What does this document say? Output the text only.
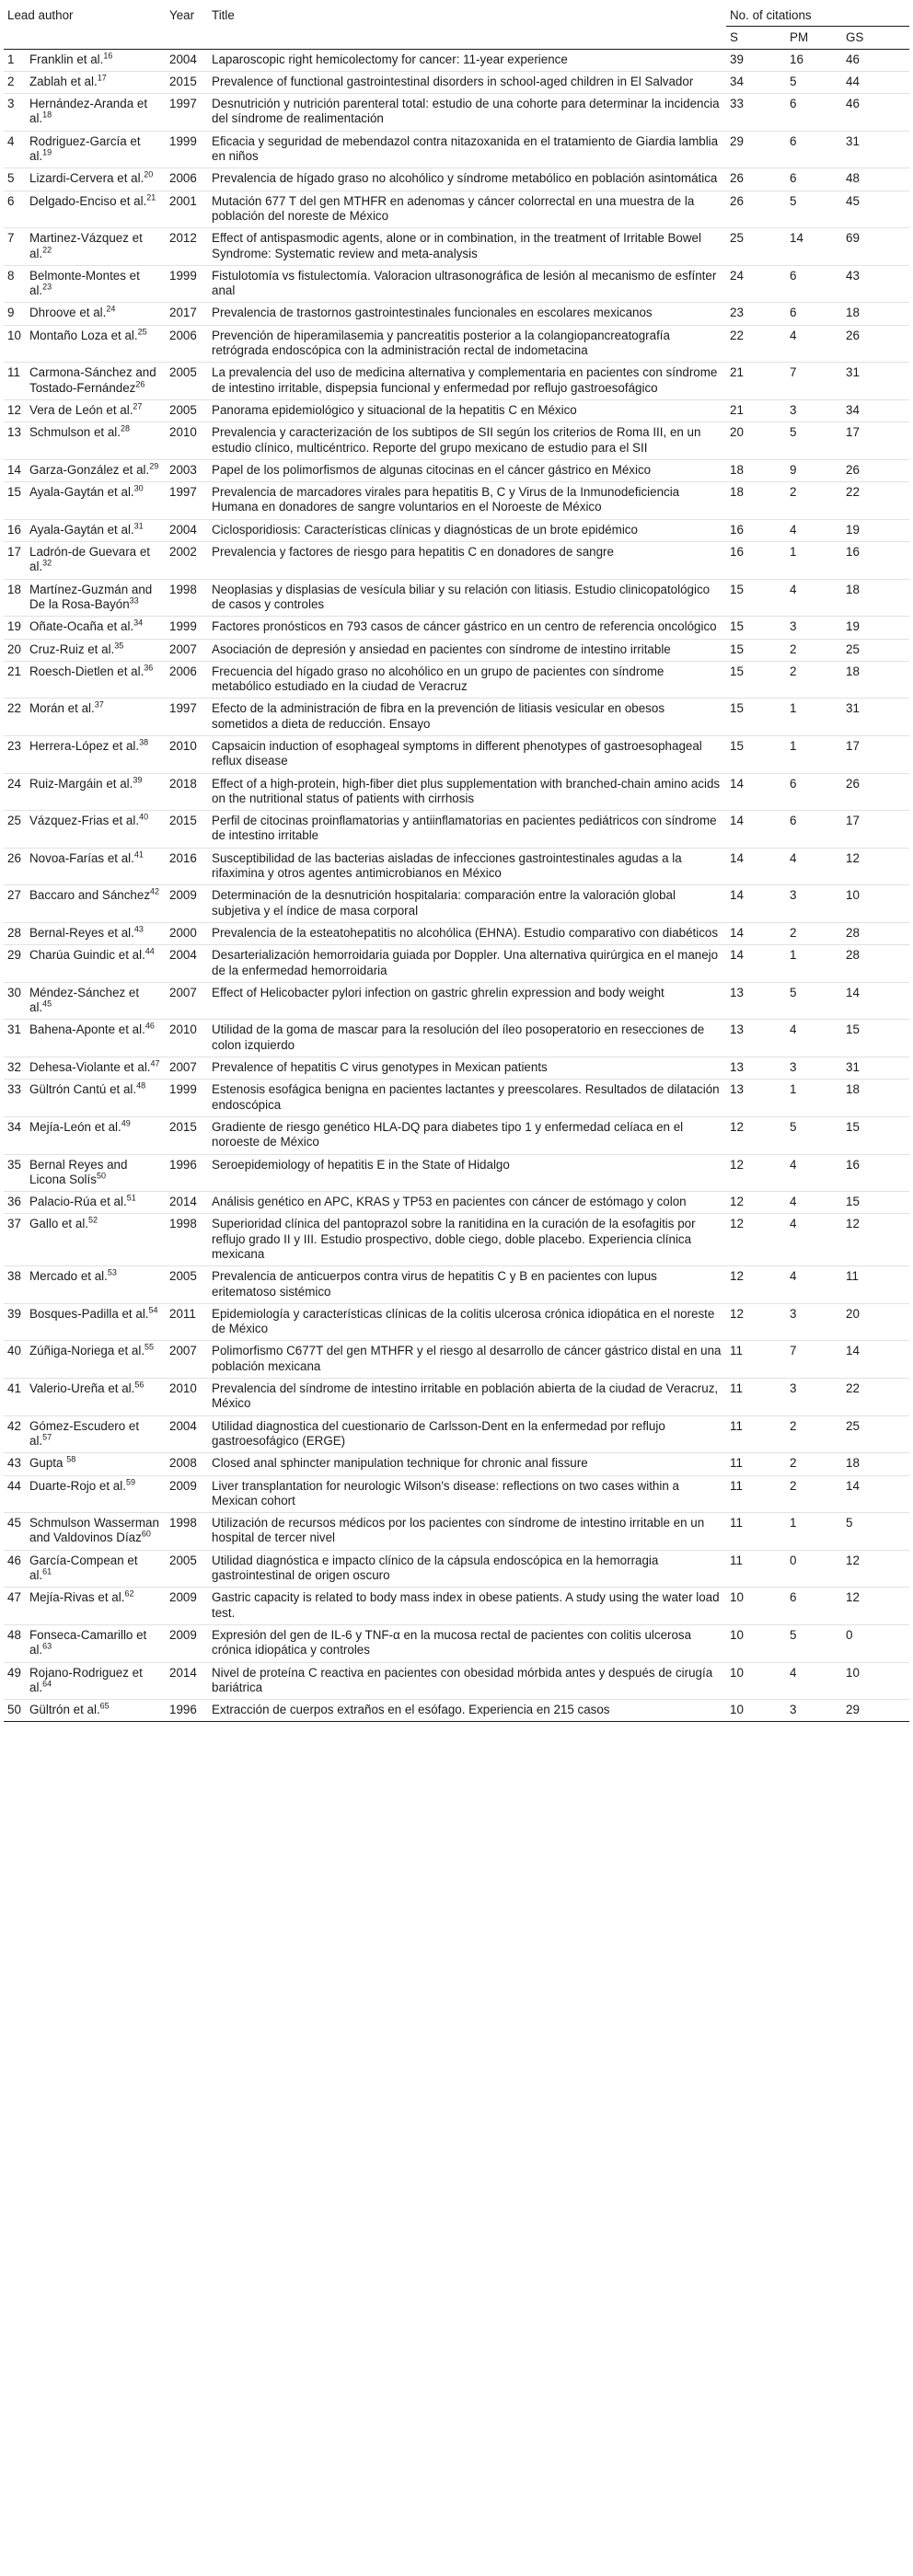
Lead author		Year	Title	No. of citations		
				S	PM	GS
1	Franklin et al.$^{16}$	2004	Laparoscopic right hemicolectomy for cancer: 11-year experience	39	16	46
2	Zablah et al.$^{17}$	2015	Prevalence of functional gastrointestinal disorders in school-aged children in El Salvador	34	5	44
3	Hernández-Aranda et al.$^{18}$	1997	Desnutrición y nutrición parenteral total: estudio de una cohorte para determinar la incidencia del síndrome de realimentación	33	6	46
4	Rodriguez-García et al.$^{19}$	1999	Eficacia y seguridad de mebendazol contra nitazoxanida en el tratamiento de Giardia lamblia en niños	29	6	31
5	Lizardi-Cervera et al.$^{20}$	2006	Prevalencia de hígado graso no alcohólico y síndrome metabólico en población asintomática	26	6	48
6	Delgado-Enciso et al.$^{21}$	2001	Mutación 677 T del gen MTHFR en adenomas y cáncer colorrectal en una muestra de la población del noreste de México	26	5	45
7	Martinez-Vázquez et al.$^{22}$	2012	Effect of antispasmodic agents, alone or in combination, in the treatment of Irritable Bowel Syndrome: Systematic review and meta-analysis	25	14	69
8	Belmonte-Montes et al.$^{23}$	1999	Fistulotomía vs fistulectomía. Valoracion ultrasonográfica de lesión al mecanismo de esfínter anal	24	6	43
9	Dhroove et al.$^{24}$	2017	Prevalencia de trastornos gastrointestinales funcionales en escolares mexicanos	23	6	18
10	Montaño Loza et al.$^{25}$	2006	Prevención de hiperamilasemia y pancreatitis posterior a la colangiopancreatografía retrógrada endoscópica con la administración rectal de indometacina	22	4	26
11	Carmona-Sánchez and Tostado-Fernández$^{26}$	2005	La prevalencia del uso de medicina alternativa y complementaria en pacientes con síndrome de intestino irritable, dispepsia funcional y enfermedad por reflujo gastroesofágico	21	7	31
12	Vera de León et al.$^{27}$	2005	Panorama epidemiológico y situacional de la hepatitis C en México	21	3	34
13	Schmulson et al.$^{28}$	2010	Prevalencia y caracterización de los subtipos de SII según los criterios de Roma III, en un estudio clínico, multicéntrico. Reporte del grupo mexicano de estudio para el SII	20	5	17
14	Garza-González et al.$^{29}$	2003	Papel de los polimorfismos de algunas citocinas en el cáncer gástrico en México	18	9	26
15	Ayala-Gaytán et al.$^{30}$	1997	Prevalencia de marcadores virales para hepatitis B, C y Virus de la Inmunodeficiencia Humana en donadores de sangre voluntarios en el Noroeste de México	18	2	22
16	Ayala-Gaytán et al.$^{31}$	2004	Ciclosporidiosis: Características clínicas y diagnósticas de un brote epidémico	16	4	19
17	Ladrón-de Guevara et al.$^{32}$	2002	Prevalencia y factores de riesgo para hepatitis C en donadores de sangre	16	1	16
18	Martínez-Guzmán and De la Rosa-Bayón$^{33}$	1998	Neoplasias y displasias de vesícula biliar y su relación con litiasis. Estudio clinicopatológico de casos y controles	15	4	18
19	Oñate-Ocaña et al.$^{34}$	1999	Factores pronósticos en 793 casos de cáncer gástrico en un centro de referencia oncológico	15	3	19
20	Cruz-Ruiz et al.$^{35}$	2007	Asociación de depresión y ansiedad en pacientes con síndrome de intestino irritable	15	2	25
21	Roesch-Dietlen et al.$^{36}$	2006	Frecuencia del hígado graso no alcohólico en un grupo de pacientes con síndrome metabólico estudiado en la ciudad de Veracruz	15	2	18
22	Morán et al.$^{37}$	1997	Efecto de la administración de fibra en la prevención de litiasis vesicular en obesos sometidos a dieta de reducción. Ensayo	15	1	31
23	Herrera-López et al.$^{38}$	2010	Capsaicin induction of esophageal symptoms in different phenotypes of gastroesophageal reflux disease	15	1	17
24	Ruiz-Margáin et al.$^{39}$	2018	Effect of a high-protein, high-fiber diet plus supplementation with branched-chain amino acids on the nutritional status of patients with cirrhosis	14	6	26
25	Vázquez-Frias et al.$^{40}$	2015	Perfil de citocinas proinflamatorias y antiinflamatorias en pacientes pediátricos con síndrome de intestino irritable	14	6	17
26	Novoa-Farías et al.$^{41}$	2016	Susceptibilidad de las bacterias aisladas de infecciones gastrointestinales agudas a la rifaximina y otros agentes antimicrobianos en México	14	4	12
27	Baccaro and Sánchez$^{42}$	2009	Determinación de la desnutrición hospitalaria: comparación entre la valoración global subjetiva y el índice de masa corporal	14	3	10
28	Bernal-Reyes et al.$^{43}$	2000	Prevalencia de la esteatohepatitis no alcohólica (EHNA). Estudio comparativo con diabéticos	14	2	28
29	Charúa Guindic et al.$^{44}$	2004	Desarterialización hemorroidaria guiada por Doppler. Una alternativa quirúrgica en el manejo de la enfermedad hemorroidaria	14	1	28
30	Méndez-Sánchez et al.$^{45}$	2007	Effect of Helicobacter pylori infection on gastric ghrelin expression and body weight	13	5	14
31	Bahena-Aponte et al.$^{46}$	2010	Utilidad de la goma de mascar para la resolución del íleo posoperatorio en resecciones de colon izquierdo	13	4	15
32	Dehesa-Violante et al.$^{47}$	2007	Prevalence of hepatitis C virus genotypes in Mexican patients	13	3	31
33	Gültrón Cantú et al.$^{48}$	1999	Estenosis esofágica benigna en pacientes lactantes y preescolares. Resultados de dilatación endoscópica	13	1	18
34	Mejía-León et al.$^{49}$	2015	Gradiente de riesgo genético HLA-DQ para diabetes tipo 1 y enfermedad celíaca en el noroeste de México	12	5	15
35	Bernal Reyes and Licona Solís$^{50}$	1996	Seroepidemiology of hepatitis E in the State of Hidalgo	12	4	16
36	Palacio-Rúa et al.$^{51}$	2014	Análisis genético en APC, KRAS y TP53 en pacientes con cáncer de estómago y colon	12	4	15
37	Gallo et al.$^{52}$	1998	Superioridad clínica del pantoprazol sobre la ranitidina en la curación de la esofagitis por reflujo grado II y III. Estudio prospectivo, doble ciego, doble placebo. Experiencia clínica mexicana	12	4	12
38	Mercado et al.$^{53}$	2005	Prevalencia de anticuerpos contra virus de hepatitis C y B en pacientes con lupus eritematoso sistémico	12	4	11
39	Bosques-Padilla et al.$^{54}$	2011	Epidemiología y características clínicas de la colitis ulcerosa crónica idiopática en el noreste de México	12	3	20
40	Zúñiga-Noriega et al.$^{55}$	2007	Polimorfismo C677T del gen MTHFR y el riesgo al desarrollo de cáncer gástrico distal en una población mexicana	11	7	14
41	Valerio-Ureña et al.$^{56}$	2010	Prevalencia del síndrome de intestino irritable en población abierta de la ciudad de Veracruz, México	11	3	22
42	Gómez-Escudero et al.$^{57}$	2004	Utilidad diagnostica del cuestionario de Carlsson-Dent en la enfermedad por reflujo gastroesofágico (ERGE)	11	2	25
43	Gupta $^{58}$	2008	Closed anal sphincter manipulation technique for chronic anal fissure	11	2	18
44	Duarte-Rojo et al.$^{59}$	2009	Liver transplantation for neurologic Wilson's disease: reflections on two cases within a Mexican cohort	11	2	14
45	Schmulson Wasserman and Valdovinos Díaz$^{60}$	1998	Utilización de recursos médicos por los pacientes con síndrome de intestino irritable en un hospital de tercer nivel	11	1	5
46	García-Compean et al.$^{61}$	2005	Utilidad diagnóstica e impacto clínico de la cápsula endoscópica en la hemorragia gastrointestinal de origen oscuro	11	0	12
47	Mejía-Rivas et al.$^{62}$	2009	Gastric capacity is related to body mass index in obese patients. A study using the water load test.	10	6	12
48	Fonseca-Camarillo et al.$^{63}$	2009	Expresión del gen de IL-6 y TNF-α en la mucosa rectal de pacientes con colitis ulcerosa crónica idiopática y controles	10	5	0
49	Rojano-Rodriguez et al.$^{64}$	2014	Nivel de proteína C reactiva en pacientes con obesidad mórbida antes y después de cirugía bariátrica	10	4	10
50	Gültrón et al.$^{65}$	1996	Extracción de cuerpos extraños en el esófago. Experiencia en 215 casos	10	3	29
